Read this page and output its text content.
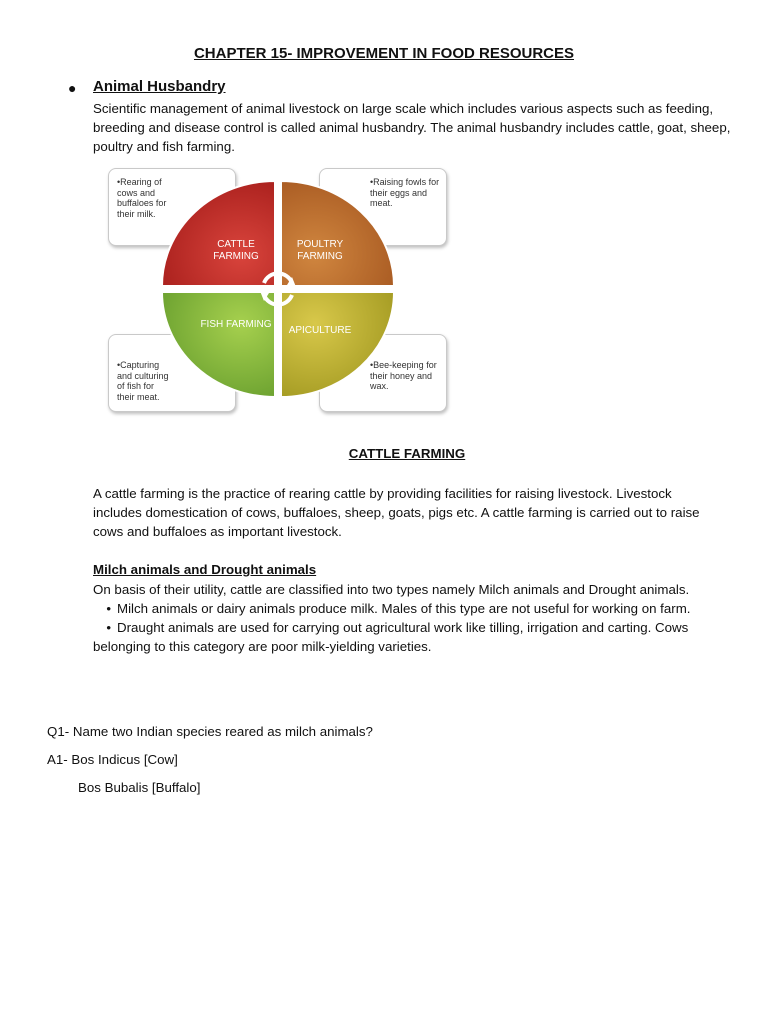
CHAPTER 15- IMPROVEMENT IN FOOD RESOURCES
● Animal Husbandry
Scientific management of animal livestock on large scale which includes various aspects such as feeding, breeding and disease control is called animal husbandry. The animal husbandry includes cattle, goat, sheep, poultry and fish farming.
•Rearing of cows and buffaloes for their milk.
•Raising fowls for their eggs and meat.
•Capturing and culturing of fish for their meat.
•Bee-keeping for their honey and wax.
CATTLE FARMING
POULTRY FARMING
FISH FARMING
APICULTURE
CATTLE FARMING
A cattle farming is the practice of rearing cattle by providing facilities for raising livestock. Livestock includes domestication of cows, buffaloes, sheep, goats, pigs etc. A cattle farming is carried out to raise cows and buffaloes as important livestock.
Milch animals and Drought animals
On basis of their utility, cattle are classified into two types namely Milch animals and Drought animals.
• Milch animals or dairy animals produce milk. Males of this type are not useful for working on farm.
• Draught animals are used for carrying out agricultural work like tilling, irrigation and carting. Cows belonging to this category are poor milk-yielding varieties.
Q1- Name two Indian species reared as milch animals?
A1- Bos Indicus [Cow]
Bos Bubalis [Buffalo]
